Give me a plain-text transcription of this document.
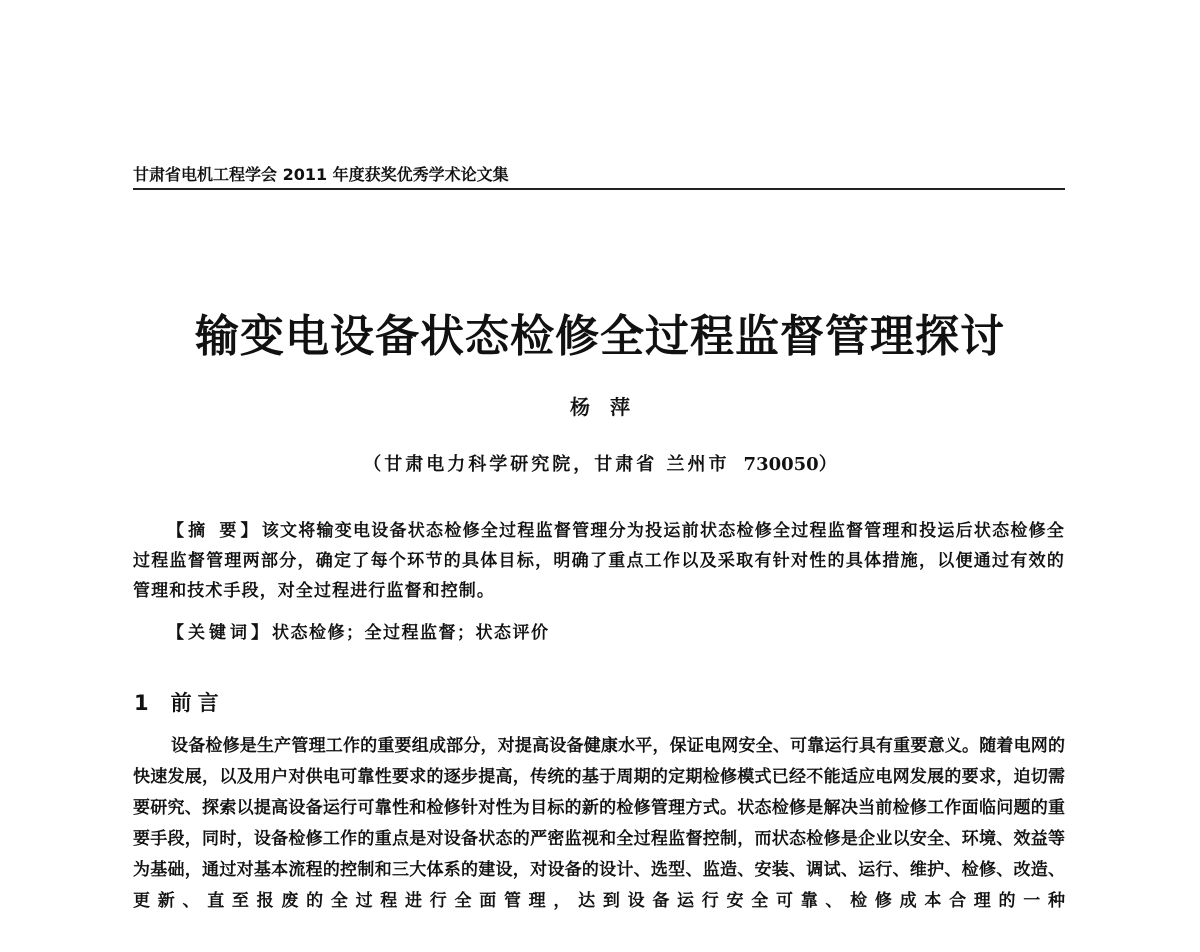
甘肃省电机工程学会 2011 年度获奖优秀学术论文集
输变电设备状态检修全过程监督管理探讨
杨萍
（甘肃电力科学研究院，甘肃省 兰州市 730050）

【摘 要】该文将输变电设备状态检修全过程监督管理分为投运前状态检修全过程监督管理和投运后状态检修全过程监督管理两部分，确定了每个环节的具体目标，明确了重点工作以及采取有针对性的具体措施，以便通过有效的管理和技术手段，对全过程进行监督和控制。

【关键词】状态检修；全过程监督；状态评价
1 前言

设备检修是生产管理工作的重要组成部分，对提高设备健康水平，保证电网安全、可靠运行具有重要意义。随着电网的快速发展，以及用户对供电可靠性要求的逐步提高，传统的基于周期的定期检修模式已经不能适应电网发展的要求，迫切需要研究、探索以提高设备运行可靠性和检修针对性为目标的新的检修管理方式。状态检修是解决当前检修工作面临问题的重要手段，同时，设备检修工作的重点是对设备状态的严密监视和全过程监督控制，而状态检修是企业以安全、环境、效益等为基础，通过对基本流程的控制和三大体系的建设，对设备的设计、选型、监造、安装、调试、运行、维护、检修、改造、更新、直至报废的全过程进行全面管理，达到设备运行安全可靠、检修成本合理的一种
